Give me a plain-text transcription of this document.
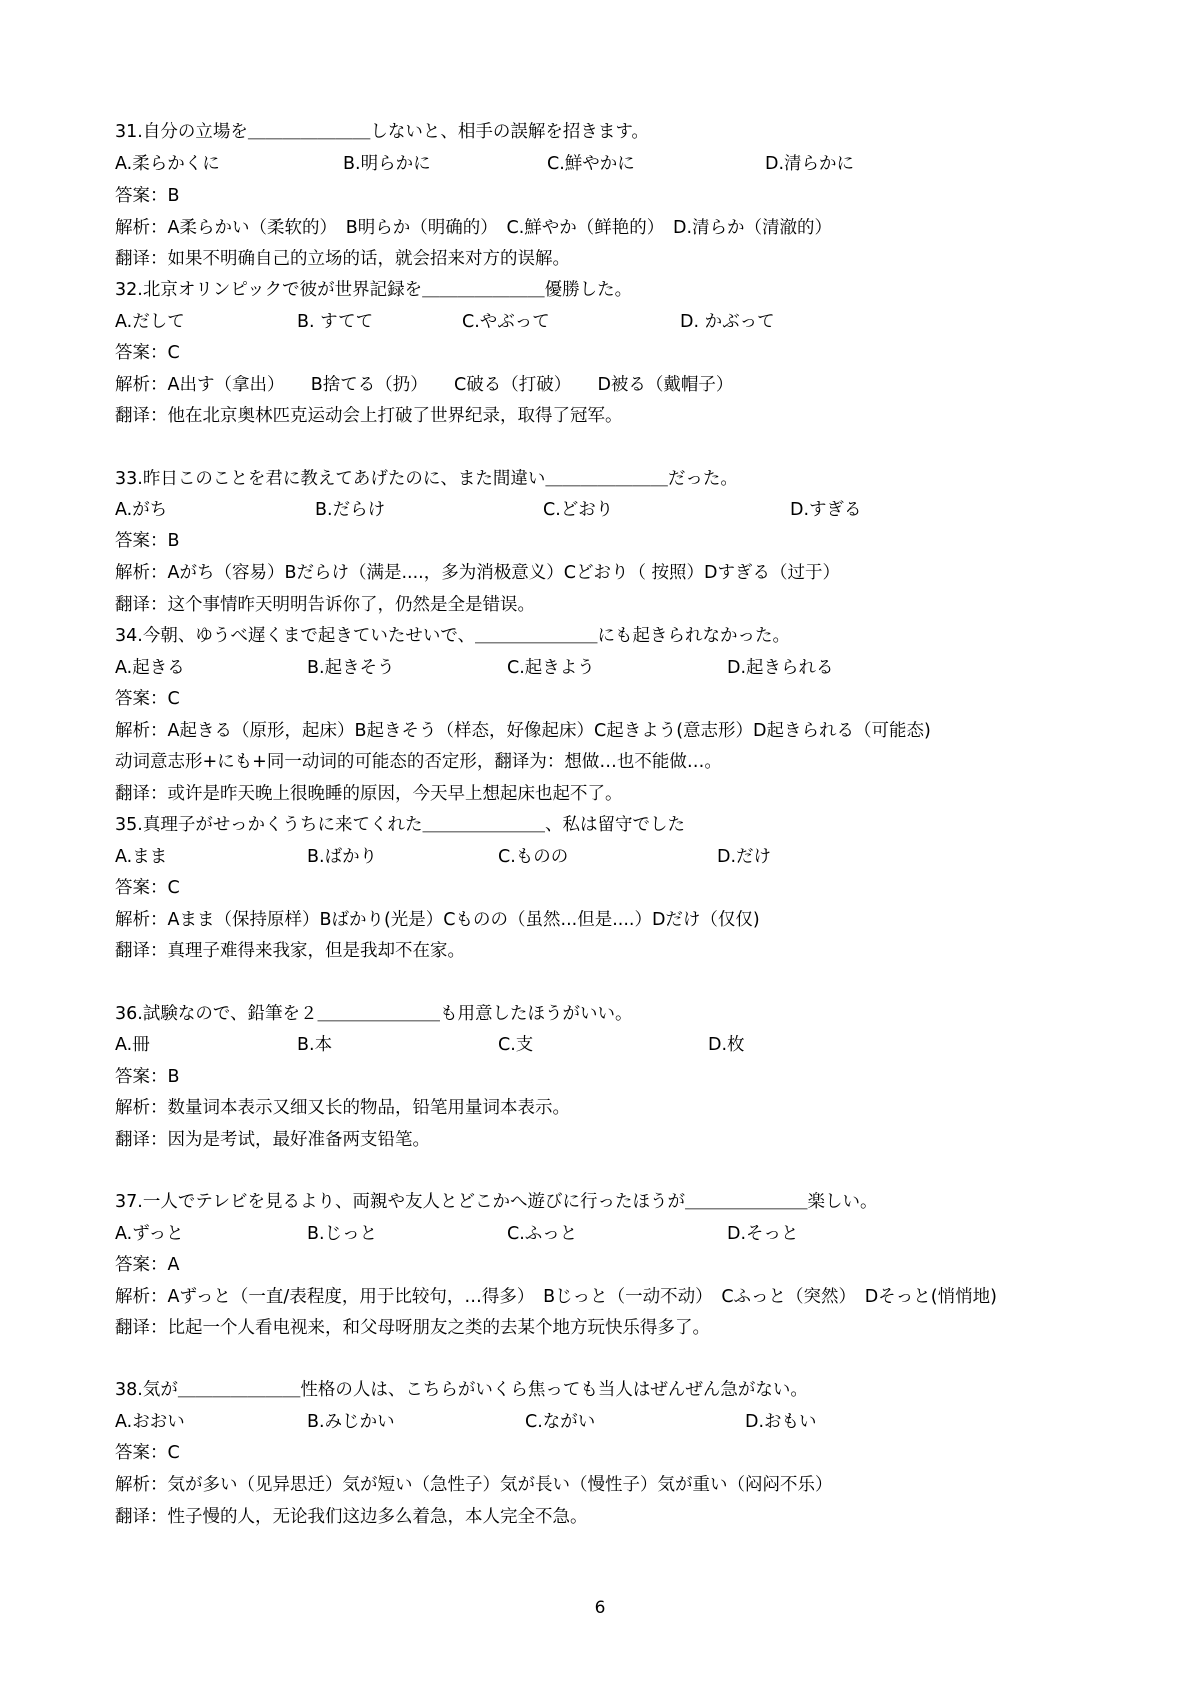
31.自分の立場を＿＿＿＿＿＿＿しないと、相手の誤解を招きます。
A.柔らかくに	B.明らかに	C.鮮やかに	D.清らかに
答案：B
解析：A柔らかい（柔软的）　B明らか（明确的）　C.鮮やか（鲜艳的）　D.清らか（清澈的）
翻译：如果不明确自己的立场的话，就会招来对方的误解。
32.北京オリンピックで彼が世界記録を＿＿＿＿＿＿＿優勝した。
A.だして	B. すてて	C.やぶって	D. かぶって
答案：C
解析：A出す（拿出）　　B捨てる（扔）　　C破る（打破）　　D被る（戴帽子）
翻译：他在北京奥林匹克运动会上打破了世界纪录，取得了冠军。
33.昨日このことを君に教えてあげたのに、また間違い＿＿＿＿＿＿＿だった。
A.がち	B.だらけ	C.どおり	D.すぎる
答案：B
解析：Aがち（容易）Bだらけ（满是....，多为消极意义）Cどおり（ 按照）Dすぎる（过于）
翻译：这个事情昨天明明告诉你了，仍然是全是错误。
34.今朝、ゆうべ遅くまで起きていたせいで、＿＿＿＿＿＿＿にも起きられなかった。
A.起きる	B.起きそう	C.起きよう	D.起きられる
答案：C
解析：A起きる（原形，起床）B起きそう（样态，好像起床）C起きよう(意志形）D起きられる（可能态)
动词意志形+にも+同一动词的可能态的否定形，翻译为：想做…也不能做…。
翻译：或许是昨天晚上很晚睡的原因，今天早上想起床也起不了。
35.真理子がせっかくうちに来てくれた＿＿＿＿＿＿＿、私は留守でした
A.まま	B.ばかり	C.ものの	D.だけ
答案：C
解析：Aまま（保持原样）Bばかり(光是）Cものの（虽然...但是....）Dだけ（仅仅)
翻译：真理子难得来我家，但是我却不在家。
36.試験なので、鉛筆を２＿＿＿＿＿＿＿も用意したほうがいい。
A.冊	B.本	C.支	D.枚
答案：B
解析：数量词本表示又细又长的物品，铅笔用量词本表示。
翻译：因为是考试，最好准备两支铅笔。
37.一人でテレビを見るより、両親や友人とどこかへ遊びに行ったほうが＿＿＿＿＿＿＿楽しい。
A.ずっと	B.じっと	C.ふっと	D.そっと
答案：A
解析：Aずっと（一直/表程度，用于比较句，…得多）　Bじっと（一动不动）　Cふっと（突然）　Dそっと(悄悄地)
翻译：比起一个人看电视来，和父母呀朋友之类的去某个地方玩快乐得多了。
38.気が＿＿＿＿＿＿＿性格の人は、こちらがいくら焦っても当人はぜんぜん急がない。
A.おおい	B.みじかい	C.ながい	D.おもい
答案：C
解析：気が多い（见异思迁）気が短い（急性子）気が長い（慢性子）気が重い（闷闷不乐）
翻译：性子慢的人，无论我们这边多么着急，本人完全不急。
6
